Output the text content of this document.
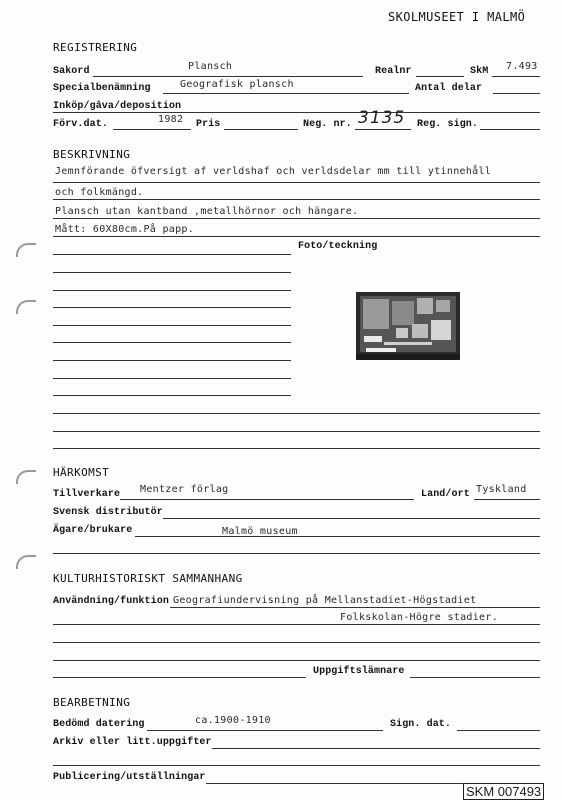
SKOLMUSEET I MALMÖ
REGISTRERING
Sakord	Plansch	Realnr	SkM 7.493
Specialbenämning	Geografisk plansch	Antal delar
Inköp/gåva/deposition
Förv.dat.	1982 Pris	Neg. nr. 3135 Reg. sign.
BESKRIVNING
Jemnförande öfversigt af verldshaf och verldsdelar mm till ytinnehåll
och folkmängd.
Plansch utan kantband ,metallhörnor och hängare.
Mått: 60X80cm.På papp.
Foto/teckning
HÄRKOMST
Tillverkare Mentzer förlag	Land/ort Tyskland
Svensk distributör
Ägare/brukare	Malmö museum
KULTURHISTORISKT SAMMANHANG
Användning/funktion Geografiundervisning på Mellanstadiet-Högstadiet
Folkskolan-Högre stadier.
Uppgiftslämnare
BEARBETNING
Bedömd datering	ca.1900-1910	Sign. dat.
Arkiv eller litt.uppgifter
Publicering/utställningar
SKM 007493
